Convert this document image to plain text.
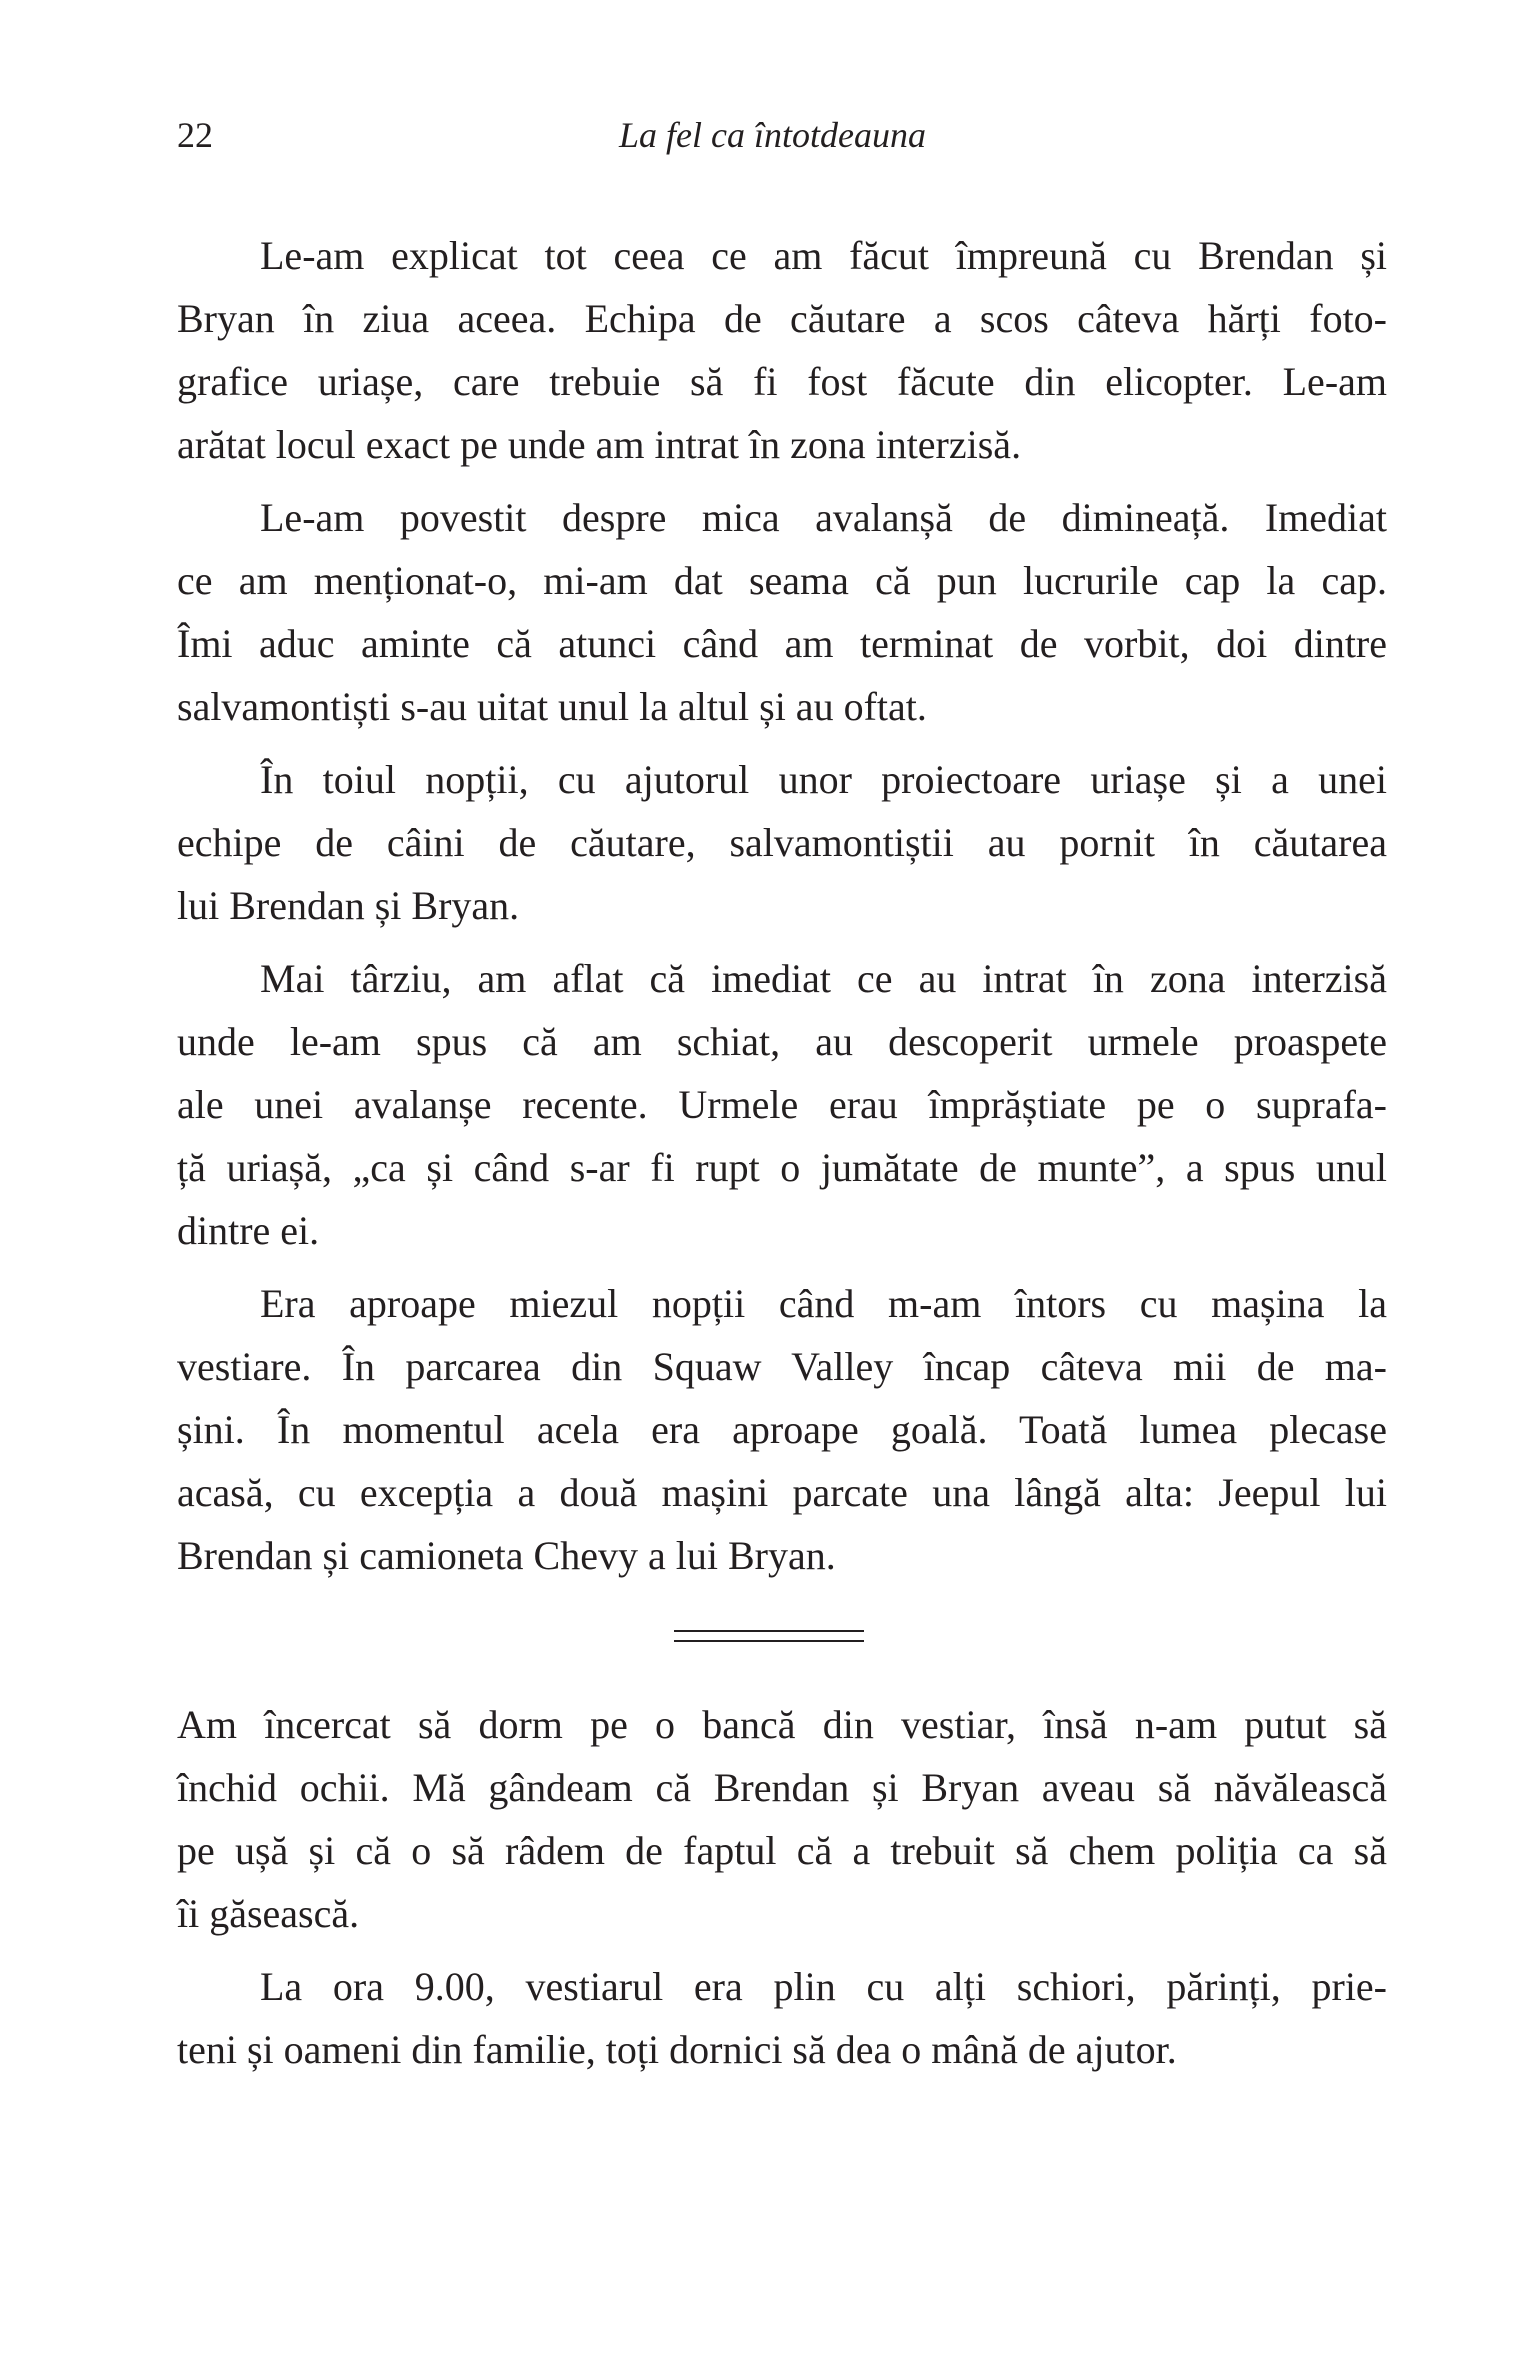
22	La fel ca întotdeauna
Le-am explicat tot ceea ce am făcut împreună cu Brendan și
Bryan în ziua aceea. Echipa de căutare a scos câteva hărți foto-
grafice uriașe, care trebuie să fi fost făcute din elicopter. Le-am
arătat locul exact pe unde am intrat în zona interzisă.
Le-am povestit despre mica avalanșă de dimineață. Imediat
ce am menționat-o, mi-am dat seama că pun lucrurile cap la cap.
Îmi aduc aminte că atunci când am terminat de vorbit, doi dintre
salvamontiști s-au uitat unul la altul și au oftat.
În toiul nopții, cu ajutorul unor proiectoare uriașe și a unei
echipe de câini de căutare, salvamontiștii au pornit în căutarea
lui Brendan și Bryan.
Mai târziu, am aflat că imediat ce au intrat în zona interzisă
unde le-am spus că am schiat, au descoperit urmele proaspete
ale unei avalanșe recente. Urmele erau împrăștiate pe o suprafa-
ță uriașă, „ca și când s-ar fi rupt o jumătate de munte”, a spus unul
dintre ei.
Era aproape miezul nopții când m-am întors cu mașina la
vestiare. În parcarea din Squaw Valley încap câteva mii de ma-
șini. În momentul acela era aproape goală. Toată lumea plecase
acasă, cu excepția a două mașini parcate una lângă alta: Jeepul lui
Brendan și camioneta Chevy a lui Bryan.
Am încercat să dorm pe o bancă din vestiar, însă n-am putut să
închid ochii. Mă gândeam că Brendan și Bryan aveau să năvălească
pe ușă și că o să râdem de faptul că a trebuit să chem poliția ca să
îi găsească.
La ora 9.00, vestiarul era plin cu alți schiori, părinți, prie-
teni și oameni din familie, toți dornici să dea o mână de ajutor.
